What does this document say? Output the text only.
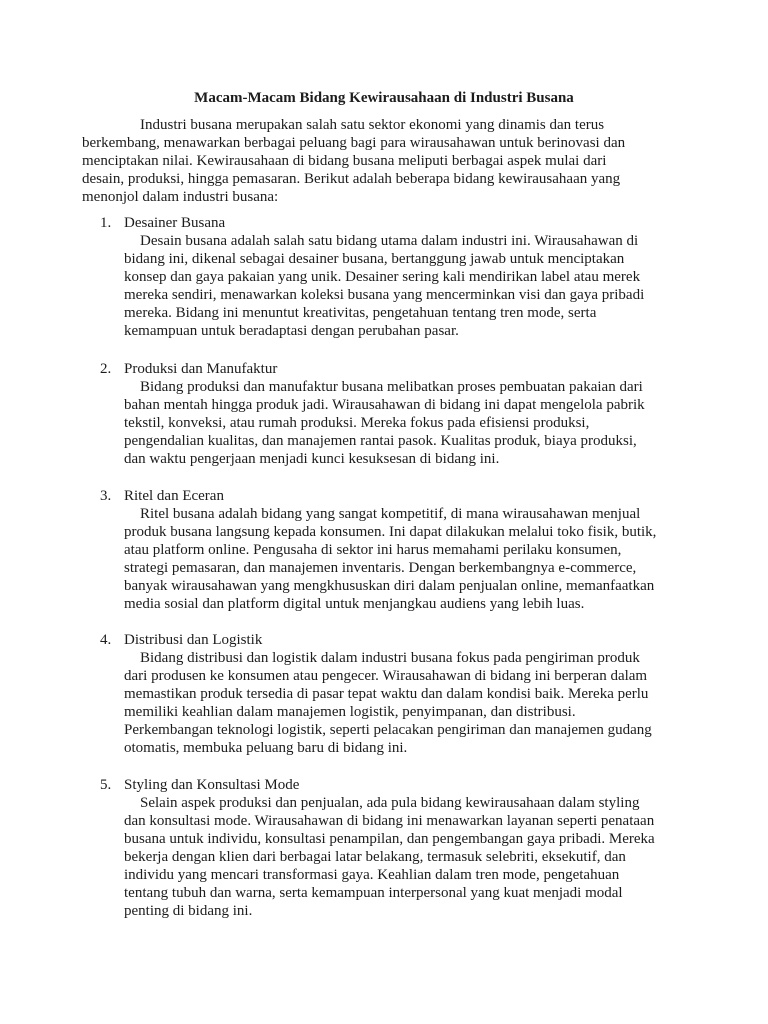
Macam-Macam Bidang Kewirausahaan di Industri Busana
Industri busana merupakan salah satu sektor ekonomi yang dinamis dan terus
berkembang, menawarkan berbagai peluang bagi para wirausahawan untuk berinovasi dan
menciptakan nilai. Kewirausahaan di bidang busana meliputi berbagai aspek mulai dari
desain, produksi, hingga pemasaran. Berikut adalah beberapa bidang kewirausahaan yang
menonjol dalam industri busana:
1. Desainer Busana
Desain busana adalah salah satu bidang utama dalam industri ini. Wirausahawan di
bidang ini, dikenal sebagai desainer busana, bertanggung jawab untuk menciptakan
konsep dan gaya pakaian yang unik. Desainer sering kali mendirikan label atau merek
mereka sendiri, menawarkan koleksi busana yang mencerminkan visi dan gaya pribadi
mereka. Bidang ini menuntut kreativitas, pengetahuan tentang tren mode, serta
kemampuan untuk beradaptasi dengan perubahan pasar.
2. Produksi dan Manufaktur
Bidang produksi dan manufaktur busana melibatkan proses pembuatan pakaian dari
bahan mentah hingga produk jadi. Wirausahawan di bidang ini dapat mengelola pabrik
tekstil, konveksi, atau rumah produksi. Mereka fokus pada efisiensi produksi,
pengendalian kualitas, dan manajemen rantai pasok. Kualitas produk, biaya produksi,
dan waktu pengerjaan menjadi kunci kesuksesan di bidang ini.
3. Ritel dan Eceran
Ritel busana adalah bidang yang sangat kompetitif, di mana wirausahawan menjual
produk busana langsung kepada konsumen. Ini dapat dilakukan melalui toko fisik, butik,
atau platform online. Pengusaha di sektor ini harus memahami perilaku konsumen,
strategi pemasaran, dan manajemen inventaris. Dengan berkembangnya e-commerce,
banyak wirausahawan yang mengkhususkan diri dalam penjualan online, memanfaatkan
media sosial dan platform digital untuk menjangkau audiens yang lebih luas.
4. Distribusi dan Logistik
Bidang distribusi dan logistik dalam industri busana fokus pada pengiriman produk
dari produsen ke konsumen atau pengecer. Wirausahawan di bidang ini berperan dalam
memastikan produk tersedia di pasar tepat waktu dan dalam kondisi baik. Mereka perlu
memiliki keahlian dalam manajemen logistik, penyimpanan, dan distribusi.
Perkembangan teknologi logistik, seperti pelacakan pengiriman dan manajemen gudang
otomatis, membuka peluang baru di bidang ini.
5. Styling dan Konsultasi Mode
Selain aspek produksi dan penjualan, ada pula bidang kewirausahaan dalam styling
dan konsultasi mode. Wirausahawan di bidang ini menawarkan layanan seperti penataan
busana untuk individu, konsultasi penampilan, dan pengembangan gaya pribadi. Mereka
bekerja dengan klien dari berbagai latar belakang, termasuk selebriti, eksekutif, dan
individu yang mencari transformasi gaya. Keahlian dalam tren mode, pengetahuan
tentang tubuh dan warna, serta kemampuan interpersonal yang kuat menjadi modal
penting di bidang ini.
